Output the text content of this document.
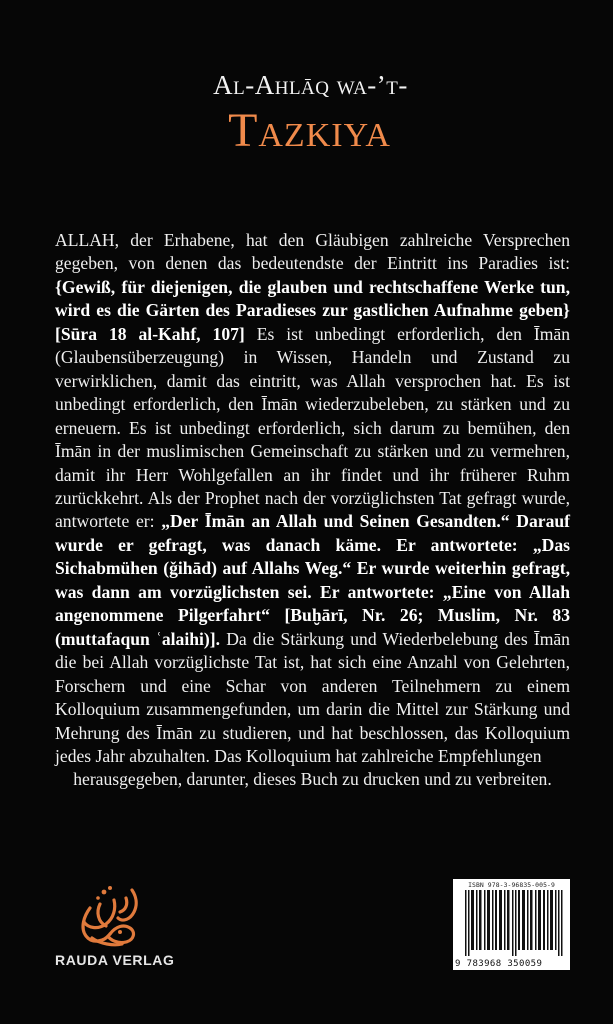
Al-Ahlāq wa-’t-
Tazkiya

ALLAH, der Erhabene, hat den Gläubigen zahlreiche Versprechen gegeben, von denen das bedeutendste der Eintritt ins Paradies ist: {Gewiß, für diejenigen, die glauben und rechtschaffene Werke tun, wird es die Gärten des Paradieses zur gastlichen Aufnahme geben} [Sūra 18 al-Kahf, 107] Es ist unbedingt erforderlich, den Īmān (Glaubensüberzeugung) in Wissen, Handeln und Zustand zu verwirklichen, damit das eintritt, was Allah versprochen hat. Es ist unbedingt erforderlich, den Īmān wiederzubeleben, zu stärken und zu erneuern. Es ist unbedingt erforderlich, sich darum zu bemühen, den Īmān in der muslimischen Gemeinschaft zu stärken und zu vermehren, damit ihr Herr Wohlgefallen an ihr findet und ihr früherer Ruhm zurückkehrt. Als der Prophet nach der vorzüglichsten Tat gefragt wurde, antwortete er: „Der Īmān an Allah und Seinen Gesandten.“ Darauf wurde er gefragt, was danach käme. Er antwortete: „Das Sichabmühen (ǧihād) auf Allahs Weg.“ Er wurde weiterhin gefragt, was dann am vorzüglichsten sei. Er antwortete: „Eine von Allah angenommene Pilgerfahrt“ [Buḫārī, Nr. 26; Muslim, Nr. 83 (muttafaqun ʿalaihi)]. Da die Stärkung und Wiederbelebung des Īmān die bei Allah vorzüglichste Tat ist, hat sich eine Anzahl von Gelehrten, Forschern und eine Schar von anderen Teilnehmern zu einem Kolloquium zusammengefunden, um darin die Mittel zur Stärkung und Mehrung des Īmān zu studieren, und hat beschlossen, das Kolloquium jedes Jahr abzuhalten. Das Kolloquium hat zahlreiche Empfehlungen
herausgegeben, darunter, dieses Buch zu drucken und zu verbreiten.

RAUDA VERLAG
ISBN 978-3-96835-005-9
9 783968 350059
